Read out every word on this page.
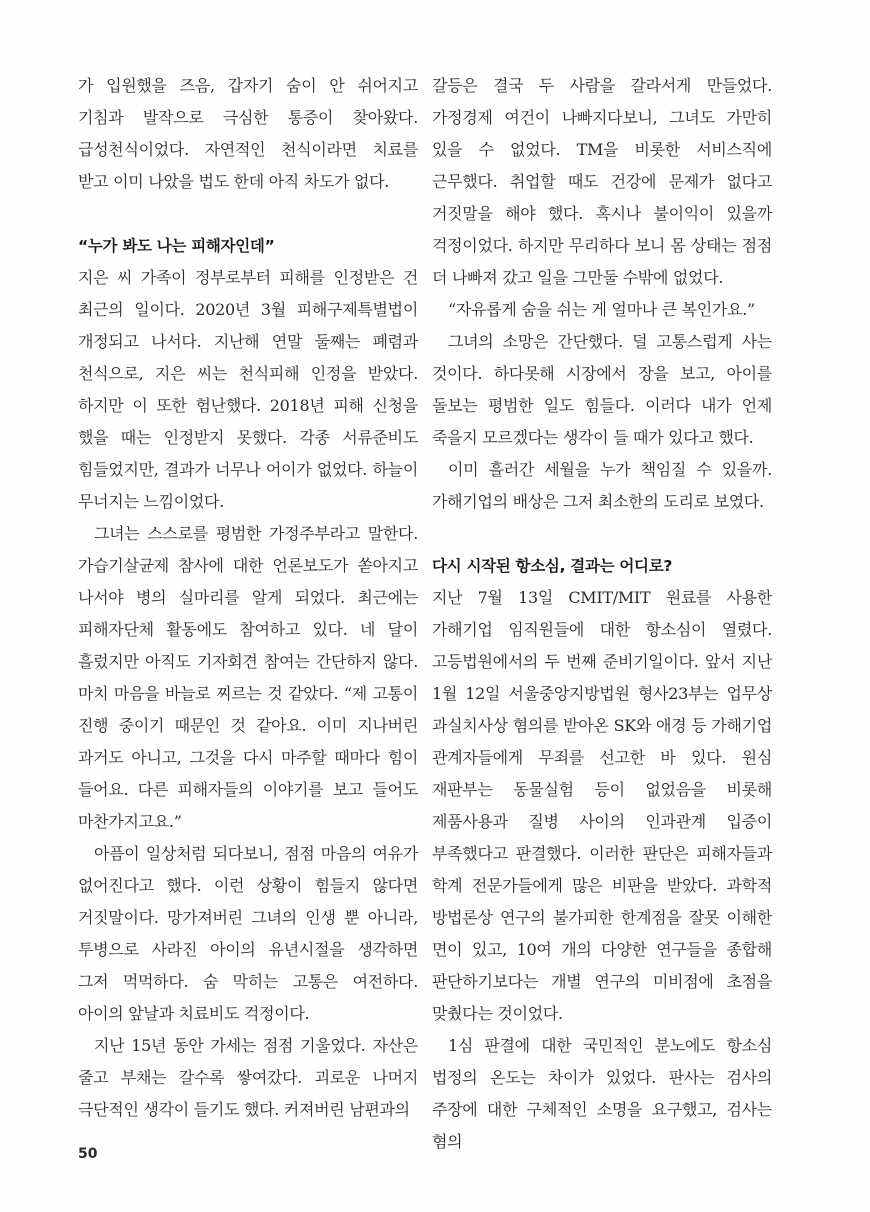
가 입원했을 즈음, 갑자기 숨이 안 쉬어지고 기침과 발작으로 극심한 통증이 찾아왔다. 급성천식이었다. 자연적인 천식이라면 치료를 받고 이미 나았을 법도 한데 아직 차도가 없다.

“누가 봐도 나는 피해자인데”

지은 씨 가족이 정부로부터 피해를 인정받은 건 최근의 일이다. 2020년 3월 피해구제특별법이 개정되고 나서다. 지난해 연말 둘째는 폐렴과 천식으로, 지은 씨는 천식피해 인정을 받았다. 하지만 이 또한 험난했다. 2018년 피해 신청을 했을 때는 인정받지 못했다. 각종 서류준비도 힘들었지만, 결과가 너무나 어이가 없었다. 하늘이 무너지는 느낌이었다.

그녀는 스스로를 평범한 가정주부라고 말한다. 가습기살균제 참사에 대한 언론보도가 쏟아지고 나서야 병의 실마리를 알게 되었다. 최근에는 피해자단체 활동에도 참여하고 있다. 네 달이 흘렀지만 아직도 기자회견 참여는 간단하지 않다. 마치 마음을 바늘로 찌르는 것 같았다. “제 고통이 진행 중이기 때문인 것 같아요. 이미 지나버린 과거도 아니고, 그것을 다시 마주할 때마다 힘이 들어요. 다른 피해자들의 이야기를 보고 들어도 마찬가지고요.”

아픔이 일상처럼 되다보니, 점점 마음의 여유가 없어진다고 했다. 이런 상황이 힘들지 않다면 거짓말이다. 망가져버린 그녀의 인생 뿐 아니라, 투병으로 사라진 아이의 유년시절을 생각하면 그저 먹먹하다. 숨 막히는 고통은 여전하다. 아이의 앞날과 치료비도 걱정이다.

지난 15년 동안 가세는 점점 기울었다. 자산은 줄고 부채는 갈수록 쌓여갔다. 괴로운 나머지 극단적인 생각이 들기도 했다. 커져버린 남편과의

갈등은 결국 두 사람을 갈라서게 만들었다. 가정경제 여건이 나빠지다보니, 그녀도 가만히 있을 수 없었다. TM을 비롯한 서비스직에 근무했다. 취업할 때도 건강에 문제가 없다고 거짓말을 해야 했다. 혹시나 불이익이 있을까 걱정이었다. 하지만 무리하다 보니 몸 상태는 점점 더 나빠져 갔고 일을 그만둘 수밖에 없었다.

“자유롭게 숨을 쉬는 게 얼마나 큰 복인가요.”

그녀의 소망은 간단했다. 덜 고통스럽게 사는 것이다. 하다못해 시장에서 장을 보고, 아이를 돌보는 평범한 일도 힘들다. 이러다 내가 언제 죽을지 모르겠다는 생각이 들 때가 있다고 했다.

이미 흘러간 세월을 누가 책임질 수 있을까. 가해기업의 배상은 그저 최소한의 도리로 보였다.

다시 시작된 항소심, 결과는 어디로?

지난 7월 13일 CMIT/MIT 원료를 사용한 가해기업 임직원들에 대한 항소심이 열렸다. 고등법원에서의 두 번째 준비기일이다. 앞서 지난 1월 12일 서울중앙지방법원 형사23부는 업무상 과실치사상 혐의를 받아온 SK와 애경 등 가해기업 관계자들에게 무죄를 선고한 바 있다. 원심 재판부는 동물실험 등이 없었음을 비롯해 제품사용과 질병 사이의 인과관계 입증이 부족했다고 판결했다. 이러한 판단은 피해자들과 학계 전문가들에게 많은 비판을 받았다. 과학적 방법론상 연구의 불가피한 한계점을 잘못 이해한 면이 있고, 10여 개의 다양한 연구들을 종합해 판단하기보다는 개별 연구의 미비점에 초점을 맞췄다는 것이었다.

1심 판결에 대한 국민적인 분노에도 항소심 법정의 온도는 차이가 있었다. 판사는 검사의 주장에 대한 구체적인 소명을 요구했고, 검사는 혐의

50
